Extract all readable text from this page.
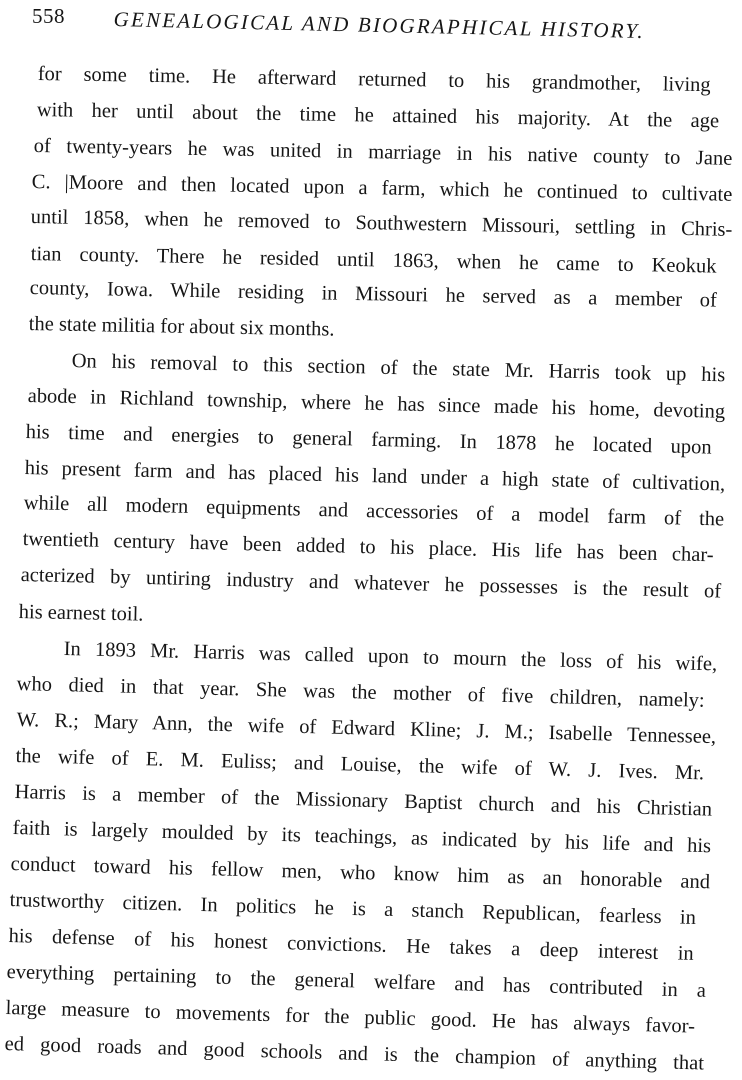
558 GENEALOGICAL AND BIOGRAPHICAL HISTORY.
for some time. He afterward returned to his grandmother, living
with her until about the time he attained his majority. At the age
of twenty-years he was united in marriage in his native county to Jane
C. |Moore and then located upon a farm, which he continued to cultivate
until 1858, when he removed to Southwestern Missouri, settling in Chris-
tian county. There he resided until 1863, when he came to Keokuk
county, Iowa. While residing in Missouri he served as a member of
the state militia for about six months.
On his removal to this section of the state Mr. Harris took up his
abode in Richland township, where he has since made his home, devoting
his time and energies to general farming. In 1878 he located upon
his present farm and has placed his land under a high state of cultivation,
while all modern equipments and accessories of a model farm of the
twentieth century have been added to his place. His life has been char-
acterized by untiring industry and whatever he possesses is the result of
his earnest toil.
In 1893 Mr. Harris was called upon to mourn the loss of his wife,
who died in that year. She was the mother of five children, namely:
W. R.; Mary Ann, the wife of Edward Kline; J. M.; Isabelle Tennessee,
the wife of E. M. Euliss; and Louise, the wife of W. J. Ives. Mr.
Harris is a member of the Missionary Baptist church and his Christian
faith is largely moulded by its teachings, as indicated by his life and his
conduct toward his fellow men, who know him as an honorable and
trustworthy citizen. In politics he is a stanch Republican, fearless in
his defense of his honest convictions. He takes a deep interest in
everything pertaining to the general welfare and has contributed in a
large measure to movements for the public good. He has always favor-
ed good roads and good schools and is the champion of anything that
